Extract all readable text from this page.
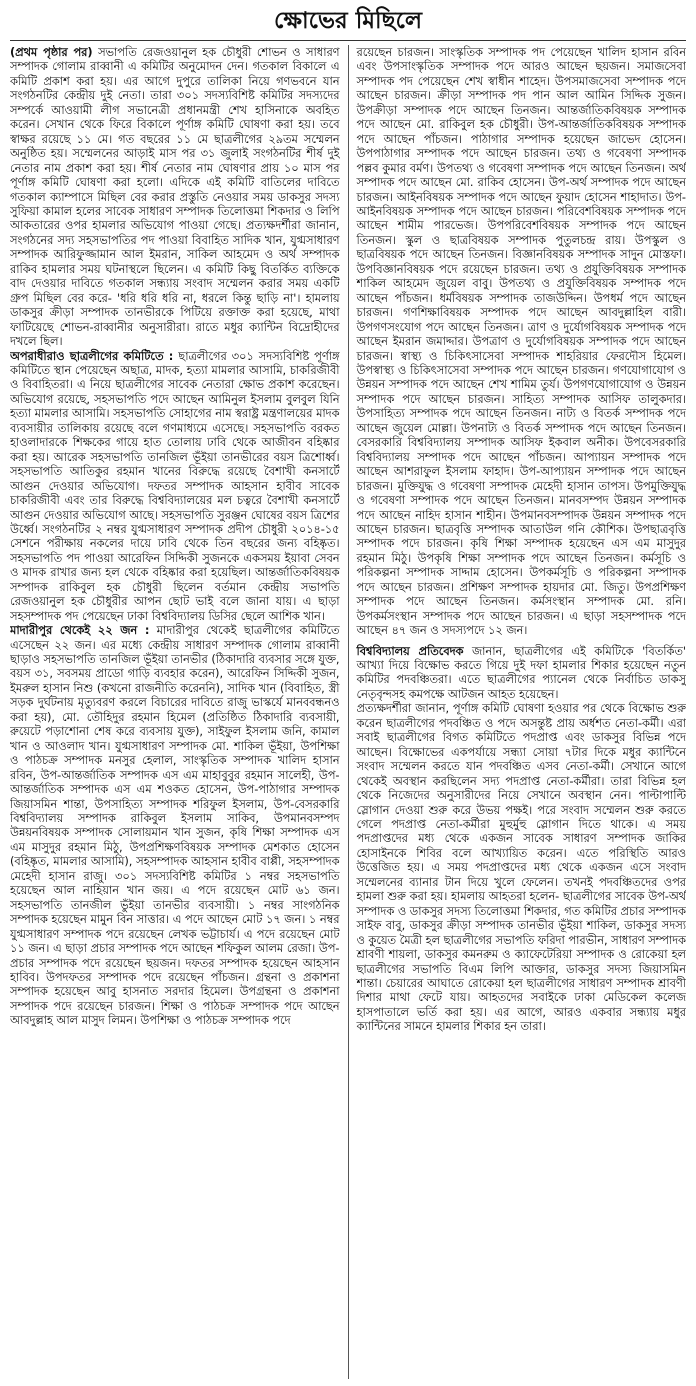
ক্ষোভের মিছিলে

(প্রথম পৃষ্ঠার পর) সভাপতি রেজওয়ানুল হক চৌধুরী শোভন ও সাধারণ সম্পাদক গোলাম রাব্বানী এ কমিটির অনুমোদন দেন। গতকাল বিকালে এ কমিটি প্রকাশ করা হয়। এর আগে দুপুরে তালিকা নিয়ে গণভবনে যান সংগঠনটির কেন্দ্রীয় দুই নেতা। তারা ৩০১ সদস্যবিশিষ্ট কমিটির সদস্যদের সম্পর্কে আওয়ামী লীগ সভানেত্রী প্রধানমন্ত্রী শেখ হাসিনাকে অবহিত করেন। সেখান থেকে ফিরে বিকালে পূর্ণাঙ্গ কমিটি ঘোষণা করা হয়। তবে স্বাক্ষর রয়েছে ১১ মে। গত বছরের ১১ মে ছাত্রলীগের ২৯তম সম্মেলন অনুষ্ঠিত হয়। সম্মেলনের আড়াই মাস পর ৩১ জুলাই সংগঠনটির শীর্ষ দুই নেতার নাম প্রকাশ করা হয়। শীর্ষ নেতার নাম ঘোষণার প্রায় ১০ মাস পর পূর্ণাঙ্গ কমিটি ঘোষণা করা হলো। এদিকে এই কমিটি বাতিলের দাবিতে গতকাল ক্যাম্পাসে মিছিল বের করার প্রস্তুতি নেওয়ার সময় ডাকসুর সদস্য সুফিয়া কামাল হলের সাবেক সাধারণ সম্পাদক তিলোত্তমা শিকদার ও লিপি আকতারের ওপর হামলার অভিযোগ পাওয়া গেছে। প্রত্যক্ষদর্শীরা জানান, সংগঠনের সদ্য সহসভাপতির পদ পাওয়া বিবাহিত সাদিক খান, যুগ্মসাধারণ সম্পাদক আরিফুজ্জামান আল ইমরান, সাকিল আহমেদ ও অর্থ সম্পাদক রাকিব হামলার সময় ঘটনাস্থলে ছিলেন। এ কমিটি কিছু বিতর্কিত ব্যক্তিকে বাদ দেওয়ার দাবিতে গতকাল সন্ধ্যায় সংবাদ সম্মেলন করার সময় একটি গ্রুপ মিছিল বের করে- 'ধরি ধরি ধরি না, ধরলে কিন্তু ছাড়ি না'। হামলায় ডাকসুর ক্রীড়া সম্পাদক তানভীরকে পিটিয়ে রক্তাক্ত করা হয়েছে, মাথা ফাটিয়েছে শোভন-রাব্বানীর অনুসারীরা। রাতে মধুর ক্যান্টিন বিদ্রোহীদের দখলে ছিল।

অপরাধীরাও ছাত্রলীগের কমিটিতে : ছাত্রলীগের ৩০১ সদস্যবিশিষ্ট পূর্ণাঙ্গ কমিটিতে স্থান পেয়েছেন অছাত্র, মাদক, হত্যা মামলার আসামি, চাকরিজীবী ও বিবাহিতরা। এ নিয়ে ছাত্রলীগের সাবেক নেতারা ক্ষোভ প্রকাশ করেছেন। অভিযোগ রয়েছে, সহসভাপতি পদে আছেন আমিনুল ইসলাম বুলবুল যিনি হত্যা মামলার আসামি। সহসভাপতি সোহাগের নাম স্বরাষ্ট্র মন্ত্রণালয়ের মাদক ব্যবসায়ীর তালিকায় রয়েছে বলে গণমাধ্যমে এসেছে। সহসভাপতি বরকত হাওলাদারকে শিক্ষকের গায়ে হাত তোলায় ঢাবি থেকে আজীবন বহিষ্কার করা হয়। আরেক সহসভাপতি তানজিল ভূঁইয়া তানভীরের বয়স ত্রিশোর্ধ্ব। সহসভাপতি আতিকুর রহমান খানের বিরুদ্ধে রয়েছে বৈশাখী কনসার্টে আগুন দেওয়ার অভিযোগ। দফতর সম্পাদক আহসান হাবীব সাবেক চাকরিজীবী এবং তার বিরুদ্ধে বিশ্ববিদ্যালয়ের মল চত্বরে বৈশাখী কনসার্টে আগুন দেওয়ার অভিযোগ আছে। সহসভাপতি সুরঞ্জন ঘোষের বয়স ত্রিশের উর্ধ্বে। সংগঠনটির ২ নম্বর যুগ্মসাধারণ সম্পাদক প্রদীপ চৌধুরী ২০১৪-১৫ সেশনে পরীক্ষায় নকলের দায়ে ঢাবি থেকে তিন বছরের জন্য বহিষ্কৃত। সহসভাপতি পদ পাওয়া আরেফিন সিদ্দিকী সুজনকে একসময় ইয়াবা সেবন ও মাদক রাখার জন্য হল থেকে বহিষ্কার করা হয়েছিল। আন্তর্জাতিকবিষয়ক সম্পাদক রাকিবুল হক চৌধুরী ছিলেন বর্তমান কেন্দ্রীয় সভাপতি রেজওয়ানুল হক চৌধুরীর আপন ছোট ভাই বলে জানা যায়। এ ছাড়া সহসম্পাদক পদ পেয়েছেন ঢাকা বিশ্ববিদ্যালয় ডিসির ছেলে আশিক খান।

মাদারীপুর থেকেই ২২ জন : মাদারীপুর থেকেই ছাত্রলীগের কমিটিতে এসেছেন ২২ জন। এর মধ্যে কেন্দ্রীয় সাধারণ সম্পাদক গোলাম রাব্বানী ছাড়াও সহসভাপতি তানজিল ভূঁইয়া তানভীর (ঠিকাদারি ব্যবসার সঙ্গে যুক্ত, বয়স ৩১, সবসময় প্রাডো গাড়ি ব্যবহার করেন), আরেফিন সিদ্দিকী সুজন, ইমরুল হাসান নিশু (কখনো রাজনীতি করেননি), সাদিক খান (বিবাহিত, স্ত্রী সড়ক দুর্ঘটনায় মৃত্যুবরণ করলে বিচারের দাবিতে রাজু ভাস্কর্যে মানববন্ধনও করা হয়), মো. তৌহিদুর রহমান হিমেল (প্রতিষ্ঠিত ঠিকাদারি ব্যবসায়ী, রুয়েটে পড়াশোনা শেষ করে ব্যবসায় যুক্ত), সাইফুল ইসলাম জনি, কামাল খান ও আওলাদ খান। যুগ্মসাধারণ সম্পাদক মো. শাকিল ভূঁইয়া, উপশিক্ষা ও পাঠচক্র সম্পাদক মনসুর হেলাল, সাংস্কৃতিক সম্পাদক খালিদ হাসান রবিন, উপ-আন্তর্জাতিক সম্পাদক এস এম মাহাবুবুর রহমান সালেহী, উপ-আন্তর্জাতিক সম্পাদক এস এম শওকত হোসেন, উপ-পাঠাগার সম্পাদক জিয়াসমিন শান্তা, উপসাহিত্য সম্পাদক শরিফুল ইসলাম, উপ-বেসরকারি বিশ্ববিদ্যালয় সম্পাদক রাকিবুল ইসলাম সাকিব, উপমানবসম্পদ উন্নয়নবিষয়ক সম্পাদক সোলায়মান খান সুজন, কৃষি শিক্ষা সম্পাদক এস এম মাসুদুর রহমান মিঠু, উপপ্রশিক্ষণবিষয়ক সম্পাদক মেশকাত হোসেন (বহিষ্কৃত, মামলার আসামি), সহসম্পাদক আহসান হাবীব বাপ্পী, সহসম্পাদক মেহেদী হাসান রাজু। ৩০১ সদস্যবিশিষ্ট কমিটির ১ নম্বর সহসভাপতি হয়েছেন আল নাহিয়ান খান জয়। এ পদে রয়েছেন মোট ৬১ জন। সহসভাপতি তানজীল ভুঁইয়া তানভীর ব্যবসায়ী। ১ নম্বর সাংগঠনিক সম্পাদক হয়েছেন মামুন বিন সাত্তার। এ পদে আছেন মোট ১৭ জন। ১ নম্বর যুগ্মসাধারণ সম্পাদক পদে রয়েছেন লেখক ভট্টাচার্য। এ পদে রয়েছেন মোট ১১ জন। এ ছাড়া প্রচার সম্পাদক পদে আছেন শফিকুল আলম রেজা। উপ-প্রচার সম্পাদক পদে রয়েছেন ছয়জন। দফতর সম্পাদক হয়েছেন আহসান হাবিব। উপদফতর সম্পাদক পদে রয়েছেন পাঁচজন। গ্রন্থনা ও প্রকাশনা সম্পাদক হয়েছেন আবু হাসনাত সরদার হিমেল। উপগ্রন্থনা ও প্রকাশনা সম্পাদক পদে রয়েছেন চারজন। শিক্ষা ও পাঠচক্র সম্পাদক পদে আছেন আবদুল্লাহ আল মাসুদ লিমন। উপশিক্ষা ও পাঠচক্র সম্পাদক পদে

রয়েছেন চারজন। সাংস্কৃতিক সম্পাদক পদ পেয়েছেন খালিদ হাসান রবিন এবং উপসাংস্কৃতিক সম্পাদক পদে আরও আছেন ছয়জন। সমাজসেবা সম্পাদক পদ পেয়েছেন শেখ স্বাধীন শাহেদ। উপসমাজসেবা সম্পাদক পদে আছেন চারজন। ক্রীড়া সম্পাদক পদ পান আল আমিন সিদ্দিক সুজন। উপক্রীড়া সম্পাদক পদে আছেন তিনজন। আন্তর্জাতিকবিষয়ক সম্পাদক পদে আছেন মো. রাকিবুল হক চৌধুরী। উপ-আন্তর্জাতিকবিষয়ক সম্পাদক পদে আছেন পাঁচজন। পাঠাগার সম্পাদক হয়েছেন জাভেদ হোসেন। উপপাঠাগার সম্পাদক পদে আছেন চারজন। তথ্য ও গবেষণা সম্পাদক পল্লব কুমার বর্মণ। উপতথ্য ও গবেষণা সম্পাদক পদে আছেন তিনজন। অর্থ সম্পাদক পদে আছেন মো. রাকিব হোসেন। উপ-অর্থ সম্পাদক পদে আছেন চারজন। আইনবিষয়ক সম্পাদক পদে আছেন ফুয়াদ হোসেন শাহাদাত। উপ-আইনবিষয়ক সম্পাদক পদে আছেন চারজন। পরিবেশবিষয়ক সম্পাদক পদে আছেন শামীম পারভেজ। উপপরিবেশবিষয়ক সম্পাদক পদে আছেন তিনজন। স্কুল ও ছাত্রবিষয়ক সম্পাদক পুতুলচন্দ্র রায়। উপস্কুল ও ছাত্রবিষয়ক পদে আছেন তিনজন। বিজ্ঞানবিষয়ক সম্পাদক সাদুন মোস্তফা। উপবিজ্ঞানবিষয়ক পদে রয়েছেন চারজন। তথ্য ও প্রযুক্তিবিষয়ক সম্পাদক শাকিল আহমেদ জুয়েল বাবু। উপতথ্য ও প্রযুক্তিবিষয়ক সম্পাদক পদে আছেন পাঁচজন। ধর্মবিষয়ক সম্পাদক তাজউদ্দিন। উপধর্ম পদে আছেন চারজন। গণশিক্ষাবিষয়ক সম্পাদক পদে আছেন আবদুল্লাহিল বারী। উপগণসংযোগ পদে আছেন তিনজন। ত্রাণ ও দুর্যোগবিষয়ক সম্পাদক পদে আছেন ইমরান জমাদ্দার। উপত্রাণ ও দুর্যোগবিষয়ক সম্পাদক পদে আছেন চারজন। স্বাস্থ্য ও চিকিৎসাসেবা সম্পাদক শাহরিয়ার ফেরদৌস হিমেল। উপস্বাস্থ্য ও চিকিৎসাসেবা সম্পাদক পদে আছেন চারজন। গণযোগাযোগ ও উন্নয়ন সম্পাদক পদে আছেন শেখ শামিম তুর্য। উপগণযোগাযোগ ও উন্নয়ন সম্পাদক পদে আছেন চারজন। সাহিত্য সম্পাদক আসিফ তালুকদার। উপসাহিত্য সম্পাদক পদে আছেন তিনজন। নাট্য ও বিতর্ক সম্পাদক পদে আছেন জুয়েল মোল্লা। উপনাট্য ও বিতর্ক সম্পাদক পদে আছেন তিনজন। বেসরকারি বিশ্ববিদ্যালয় সম্পাদক আসিফ ইকবাল অনীক। উপবেসরকারি বিশ্ববিদ্যালয় সম্পাদক পদে আছেন পাঁচজন। আপ্যায়ন সম্পাদক পদে আছেন আশরাফুল ইসলাম ফাহাদ। উপ-আপ্যায়ন সম্পাদক পদে আছেন চারজন। মুক্তিযুদ্ধ ও গবেষণা সম্পাদক মেহেদী হাসান তাপস। উপমুক্তিযুদ্ধ ও গবেষণা সম্পাদক পদে আছেন তিনজন। মানবসম্পদ উন্নয়ন সম্পাদক পদে আছেন নাহিদ হাসান শাহীন। উপমানবসম্পাদক উন্নয়ন সম্পাদক পদে আছেন চারজন। ছাত্রবৃত্তি সম্পাদক আতাউল গনি কৌশিক। উপছাত্রবৃত্তি সম্পাদক পদে চারজন। কৃষি শিক্ষা সম্পাদক হয়েছেন এস এম মাসুদুর রহমান মিঠু। উপকৃষি শিক্ষা সম্পাদক পদে আছেন তিনজন। কর্মসূচি ও পরিকল্পনা সম্পাদক সাদ্দাম হোসেন। উপকর্মসূচি ও পরিকল্পনা সম্পাদক পদে আছেন চারজন। প্রশিক্ষণ সম্পাদক হায়দার মো. জিতু। উপপ্রশিক্ষণ সম্পাদক পদে আছেন তিনজন। কর্মসংস্থান সম্পাদক মো. রনি। উপকর্মসংস্থান সম্পাদক পদে আছেন চারজন। এ ছাড়া সহসম্পাদক পদে আছেন ৪৭ জন ও সদস্যপদে ১২ জন।

বিশ্ববিদ্যালয় প্রতিবেদক জানান, ছাত্রলীগের এই কমিটিকে 'বিতর্কিত' আখ্যা দিয়ে বিক্ষোভ করতে গিয়ে দুই দফা হামলার শিকার হয়েছেন নতুন কমিটির পদবঞ্চিতরা। এতে ছাত্রলীগের প্যানেল থেকে নির্বাচিত ডাকসু নেতৃবৃন্দসহ কমপক্ষে আটজন আহত হয়েছেন।

প্রত্যক্ষদর্শীরা জানান, পূর্ণাঙ্গ কমিটি ঘোষণা হওয়ার পর থেকে বিক্ষোভ শুরু করেন ছাত্রলীগের পদবঞ্চিত ও পদে অসন্তুষ্ট প্রায় অর্ধশত নেতা-কর্মী। এরা সবাই ছাত্রলীগের বিগত কমিটিতে পদপ্রাপ্ত এবং ডাকসুর বিভিন্ন পদে আছেন। বিক্ষোভের একপর্যায়ে সন্ধ্যা সোয়া ৭টার দিকে মধুর ক্যান্টিনে সংবাদ সম্মেলন করতে যান পদবঞ্চিত এসব নেতা-কর্মী। সেখানে আগে থেকেই অবস্থান করছিলেন সদ্য পদপ্রাপ্ত নেতা-কর্মীরা। তারা বিভিন্ন হল থেকে নিজেদের অনুসারীদের নিয়ে সেখানে অবস্থান নেন। পাল্টাপাল্টি স্লোগান দেওয়া শুরু করে উভয় পক্ষই। পরে সংবাদ সম্মেলন শুরু করতে গেলে পদপ্রাপ্ত নেতা-কর্মীরা মুহুর্মুহু স্লোগান দিতে থাকে। এ সময় পদপ্রাপ্তদের মধ্য থেকে একজন সাবেক সাধারণ সম্পাদক জাকির হোসাইনকে শিবির বলে আখ্যায়িত করেন। এতে পরিস্থিতি আরও উত্তেজিত হয়। এ সময় পদপ্রাপ্তদের মধ্য থেকে একজন এসে সংবাদ সম্মেলনের ব্যানার টান দিয়ে খুলে ফেলেন। তখনই পদবঞ্চিতদের ওপর হামলা শুরু করা হয়। হামলায় আহতরা হলেন- ছাত্রলীগের সাবেক উপ-অর্থ সম্পাদক ও ডাকসুর সদস্য তিলোত্তমা শিকদার, গত কমিটির প্রচার সম্পাদক সাইফ বাবু, ডাকসুর ক্রীড়া সম্পাদক তানভীর ভূঁইয়া শাকিল, ডাকসুর সদস্য ও কুয়েত মৈত্রী হল ছাত্রলীগের সভাপতি ফরিদা পারভীন, সাধারণ সম্পাদক শ্রাবণী শায়লা, ডাকসুর কমনরুম ও ক্যাফেটেরিয়া সম্পাদক ও রোকেয়া হল ছাত্রলীগের সভাপতি বিএম লিপি আক্তার, ডাকসুর সদস্য জিয়াসমিন শান্তা। চেয়ারের আঘাতে রোকেয়া হল ছাত্রলীগের সাধারণ সম্পাদক শ্রাবণী দিশার মাথা ফেটে যায়। আহতদের সবাইকে ঢাকা মেডিকেল কলেজ হাসপাতালে ভর্তি করা হয়। এর আগে, আরও একবার সন্ধ্যায় মধুর ক্যান্টিনের সামনে হামলার শিকার হন তারা।
